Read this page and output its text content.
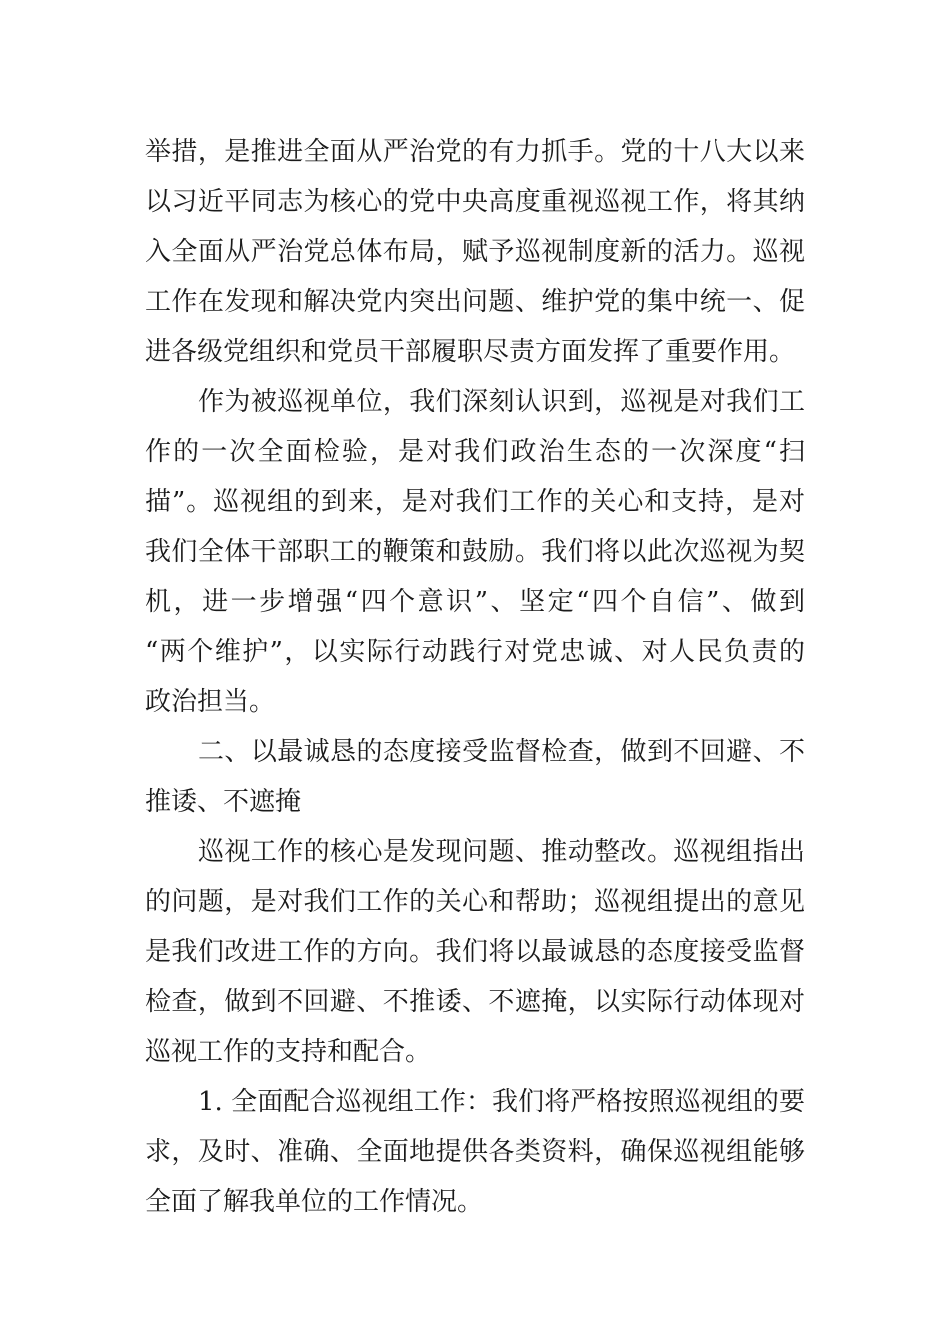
举措，是推进全面从严治党的有力抓手。党的十八大以来
以习近平同志为核心的党中央高度重视巡视工作，将其纳
入全面从严治党总体布局，赋予巡视制度新的活力。巡视
工作在发现和解决党内突出问题、维护党的集中统一、促
进各级党组织和党员干部履职尽责方面发挥了重要作用。
作为被巡视单位，我们深刻认识到，巡视是对我们工
作的一次全面检验，是对我们政治生态的一次深度“扫
描”。巡视组的到来，是对我们工作的关心和支持，是对
我们全体干部职工的鞭策和鼓励。我们将以此次巡视为契
机，进一步增强“四个意识”、坚定“四个自信”、做到
“两个维护”，以实际行动践行对党忠诚、对人民负责的
政治担当。
二、以最诚恳的态度接受监督检查，做到不回避、不
推诿、不遮掩
巡视工作的核心是发现问题、推动整改。巡视组指出
的问题，是对我们工作的关心和帮助；巡视组提出的意见
是我们改进工作的方向。我们将以最诚恳的态度接受监督
检查，做到不回避、不推诿、不遮掩，以实际行动体现对
巡视工作的支持和配合。
1. 全面配合巡视组工作：我们将严格按照巡视组的要
求，及时、准确、全面地提供各类资料，确保巡视组能够
全面了解我单位的工作情况。
